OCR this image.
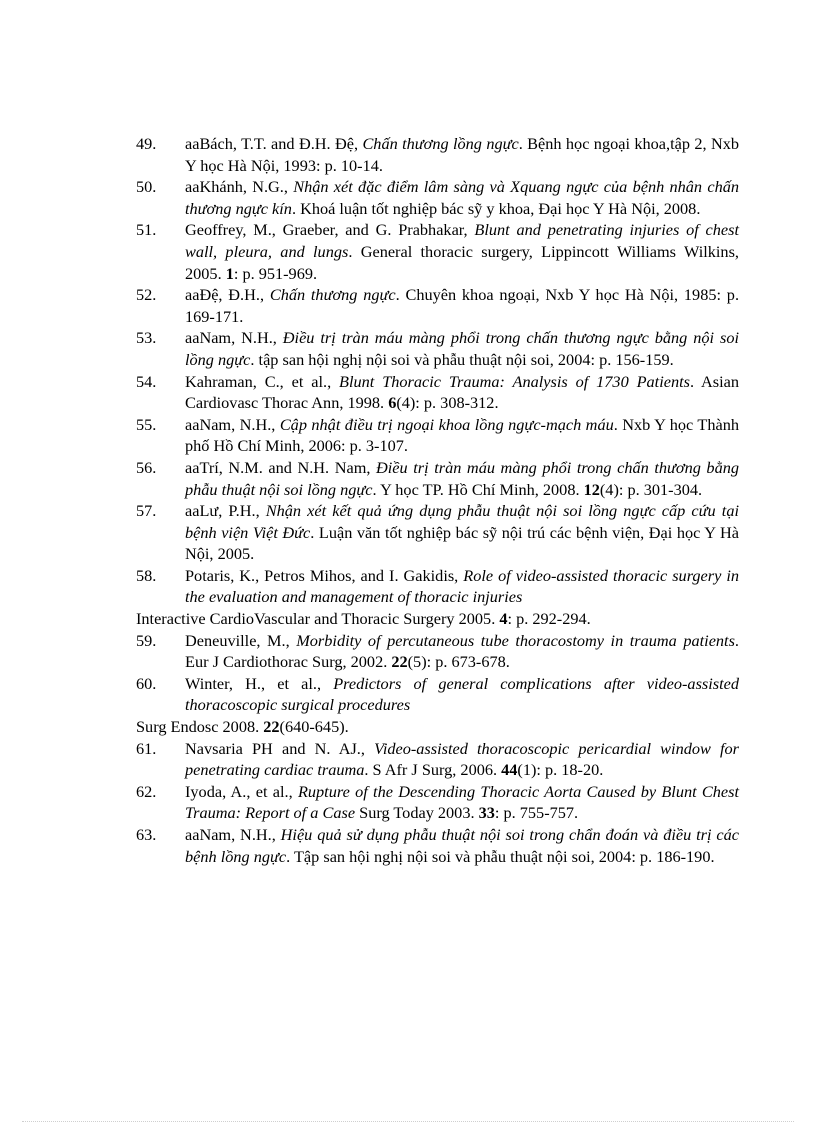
49.	aaBách, T.T. and Đ.H. Đệ, Chấn thương lồng ngực. Bệnh học ngoại khoa,tập 2, Nxb Y học Hà Nội, 1993: p. 10-14.
50.	aaKhánh, N.G., Nhận xét đặc điểm lâm sàng và Xquang ngực của bệnh nhân chấn thương ngực kín. Khoá luận tốt nghiệp bác sỹ y khoa, Đại học Y Hà Nội, 2008.
51.	Geoffrey, M., Graeber, and G. Prabhakar, Blunt and penetrating injuries of chest wall, pleura, and lungs. General thoracic surgery, Lippincott Williams Wilkins, 2005. 1: p. 951-969.
52.	aaĐệ, Đ.H., Chấn thương ngực. Chuyên khoa ngoại, Nxb Y học Hà Nội, 1985: p. 169-171.
53.	aaNam, N.H., Điều trị tràn máu màng phổi trong chấn thương ngực bằng nội soi lồng ngực. tập san hội nghị nội soi và phẫu thuật nội soi, 2004: p. 156-159.
54.	Kahraman, C., et al., Blunt Thoracic Trauma: Analysis of 1730 Patients. Asian Cardiovasc Thorac Ann, 1998. 6(4): p. 308-312.
55.	aaNam, N.H., Cập nhật điều trị ngoại khoa lồng ngực-mạch máu. Nxb Y học Thành phố Hồ Chí Minh, 2006: p. 3-107.
56.	aaTrí, N.M. and N.H. Nam, Điều trị tràn máu màng phổi trong chấn thương bằng phẫu thuật nội soi lồng ngực. Y học TP. Hồ Chí Minh, 2008. 12(4): p. 301-304.
57.	aaLư, P.H., Nhận xét kết quả ứng dụng phẫu thuật nội soi lồng ngực cấp cứu tại bệnh viện Việt Đức. Luận văn tốt nghiệp bác sỹ nội trú các bệnh viện, Đại học Y Hà Nội, 2005.
58.	Potaris, K., Petros Mihos, and I. Gakidis, Role of video-assisted thoracic surgery in the evaluation and management of thoracic injuries
Interactive CardioVascular and Thoracic Surgery 2005. 4: p. 292-294.
59.	Deneuville, M., Morbidity of percutaneous tube thoracostomy in trauma patients. Eur J Cardiothorac Surg, 2002. 22(5): p. 673-678.
60.	Winter, H., et al., Predictors of general complications after video-assisted thoracoscopic surgical procedures
Surg Endosc 2008. 22(640-645).
61.	Navsaria PH and N. AJ., Video-assisted thoracoscopic pericardial window for penetrating cardiac trauma. S Afr J Surg, 2006. 44(1): p. 18-20.
62.	Iyoda, A., et al., Rupture of the Descending Thoracic Aorta Caused by Blunt Chest Trauma: Report of a Case Surg Today 2003. 33: p. 755-757.
63.	aaNam, N.H., Hiệu quả sử dụng phẫu thuật nội soi trong chẩn đoán và điều trị các bệnh lồng ngực. Tập san hội nghị nội soi và phẫu thuật nội soi, 2004: p. 186-190.
